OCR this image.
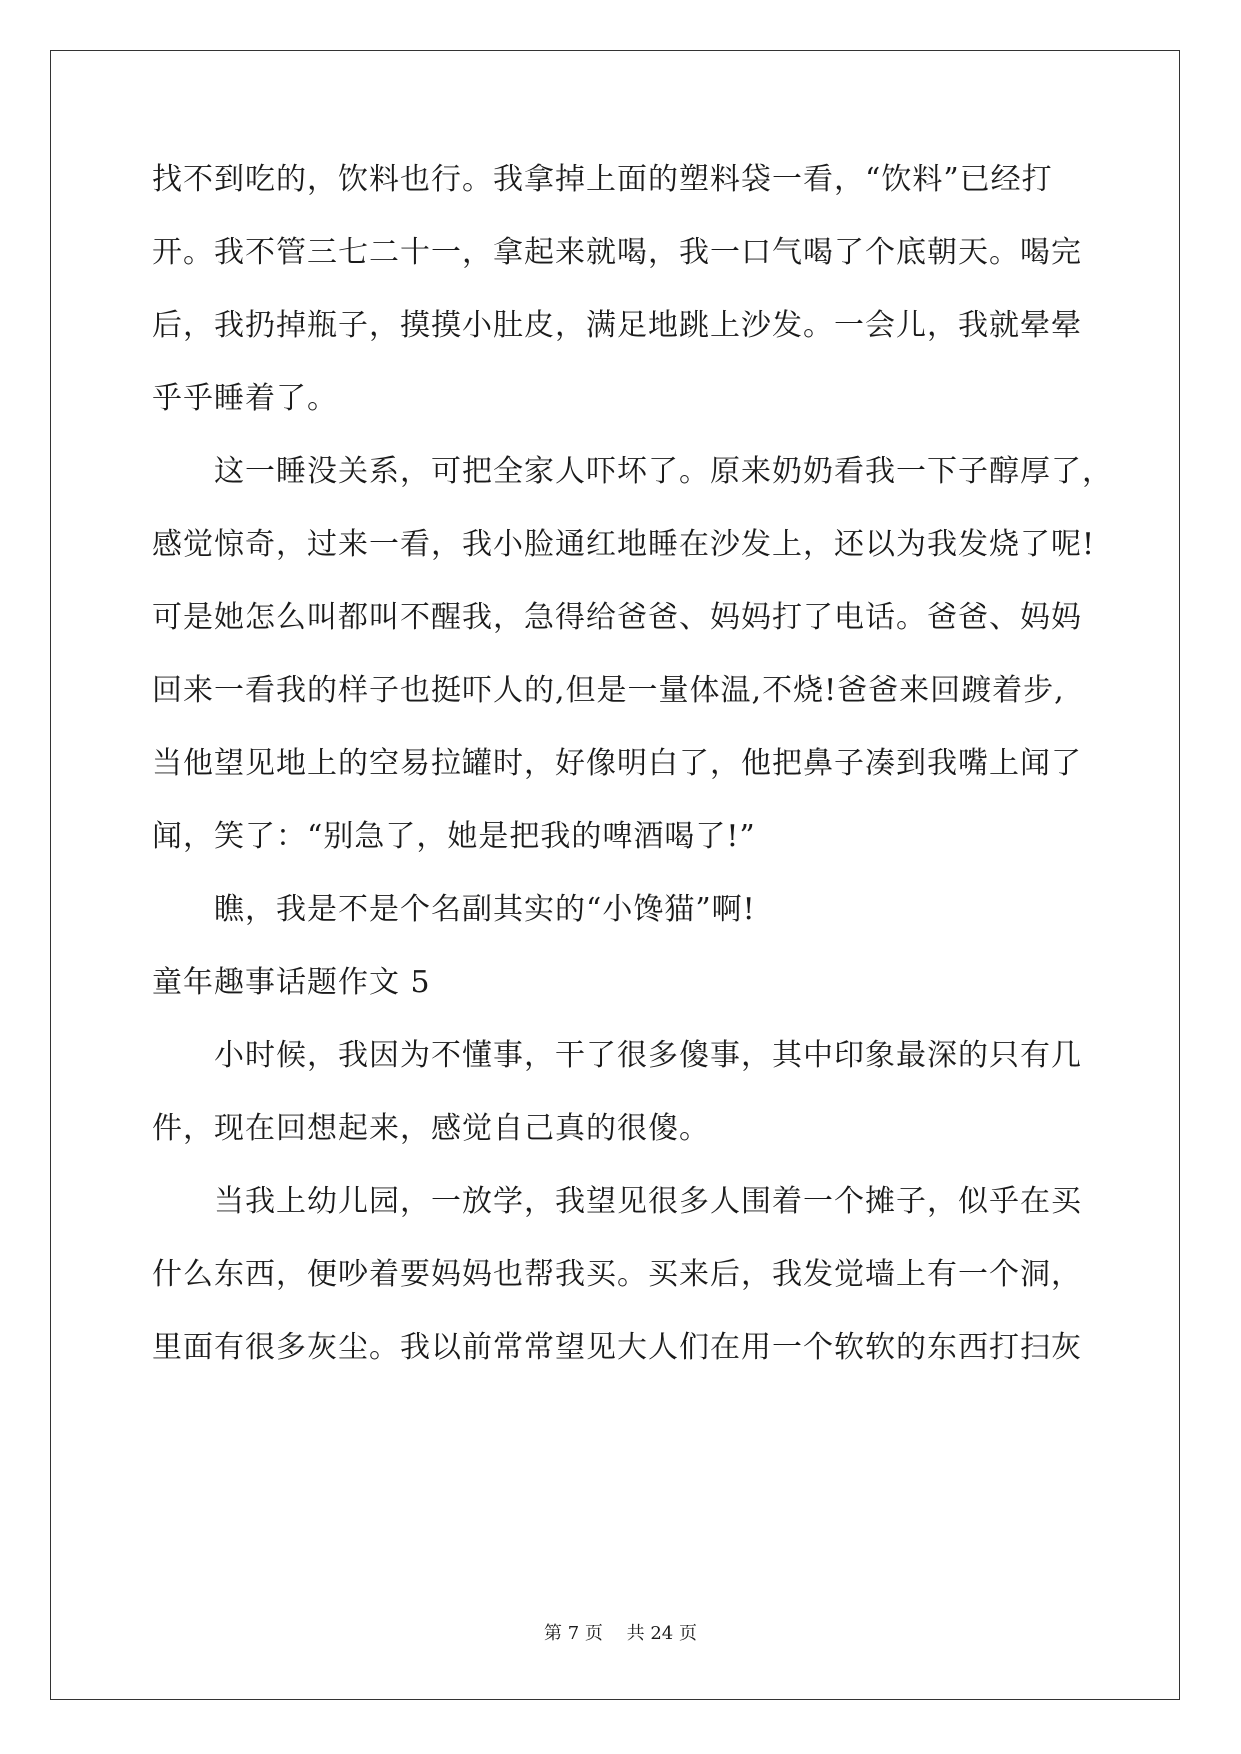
找不到吃的，饮料也行。我拿掉上面的塑料袋一看，“饮料”已经打
开。我不管三七二十一，拿起来就喝，我一口气喝了个底朝天。喝完
后，我扔掉瓶子，摸摸小肚皮，满足地跳上沙发。一会儿，我就晕晕
乎乎睡着了。
　　这一睡没关系，可把全家人吓坏了。原来奶奶看我一下子醇厚了，
感觉惊奇，过来一看，我小脸通红地睡在沙发上，还以为我发烧了呢!
可是她怎么叫都叫不醒我，急得给爸爸、妈妈打了电话。爸爸、妈妈
回来一看我的样子也挺吓人的,但是一量体温,不烧!爸爸来回踱着步,
当他望见地上的空易拉罐时，好像明白了，他把鼻子凑到我嘴上闻了
闻，笑了：“别急了，她是把我的啤酒喝了!”
　　瞧，我是不是个名副其实的“小馋猫”啊!
童年趣事话题作文 5
　　小时候，我因为不懂事，干了很多傻事，其中印象最深的只有几
件，现在回想起来，感觉自己真的很傻。
　　当我上幼儿园，一放学，我望见很多人围着一个摊子，似乎在买
什么东西，便吵着要妈妈也帮我买。买来后，我发觉墙上有一个洞，
里面有很多灰尘。我以前常常望见大人们在用一个软软的东西打扫灰
第 7 页　 共 24 页
